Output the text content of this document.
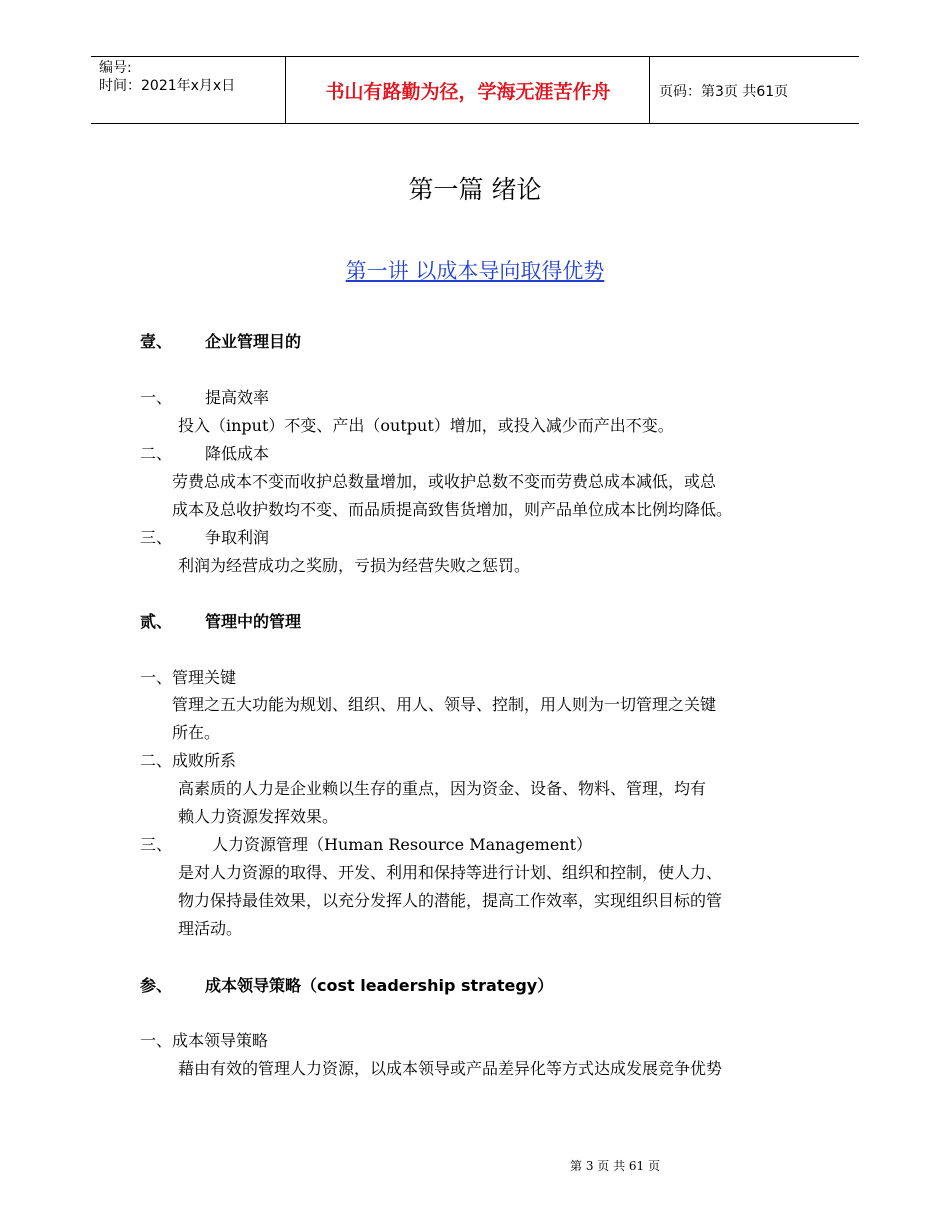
编号:
时间：2021年x月x日	书山有路勤为径，学海无涯苦作舟	页码：第3页 共61页
第一篇 绪论
第一讲 以成本导向取得优势
壹、 企业管理目的
一、 提高效率
投入（input）不变、产出（output）增加，或投入减少而产出不变。
二、 降低成本
劳费总成本不变而收护总数量增加，或收护总数不变而劳费总成本减低，或总
成本及总收护数均不变、而品质提高致售货增加，则产品单位成本比例均降低。
三、 争取利润
利润为经营成功之奖励，亏损为经营失败之惩罚。
贰、 管理中的管理
一、管理关键
管理之五大功能为规划、组织、用人、领导、控制，用人则为一切管理之关键
所在。
二、成败所系
高素质的人力是企业赖以生存的重点，因为资金、设备、物料、管理，均有
赖人力资源发挥效果。
三、 人力资源管理（Human Resource Management）
是对人力资源的取得、开发、利用和保持等进行计划、组织和控制，使人力、
物力保持最佳效果，以充分发挥人的潜能，提高工作效率，实现组织目标的管
理活动。
参、 成本领导策略（cost leadership strategy）
一、成本领导策略
藉由有效的管理人力资源，以成本领导或产品差异化等方式达成发展竞争优势
第 3 页 共 61 页
